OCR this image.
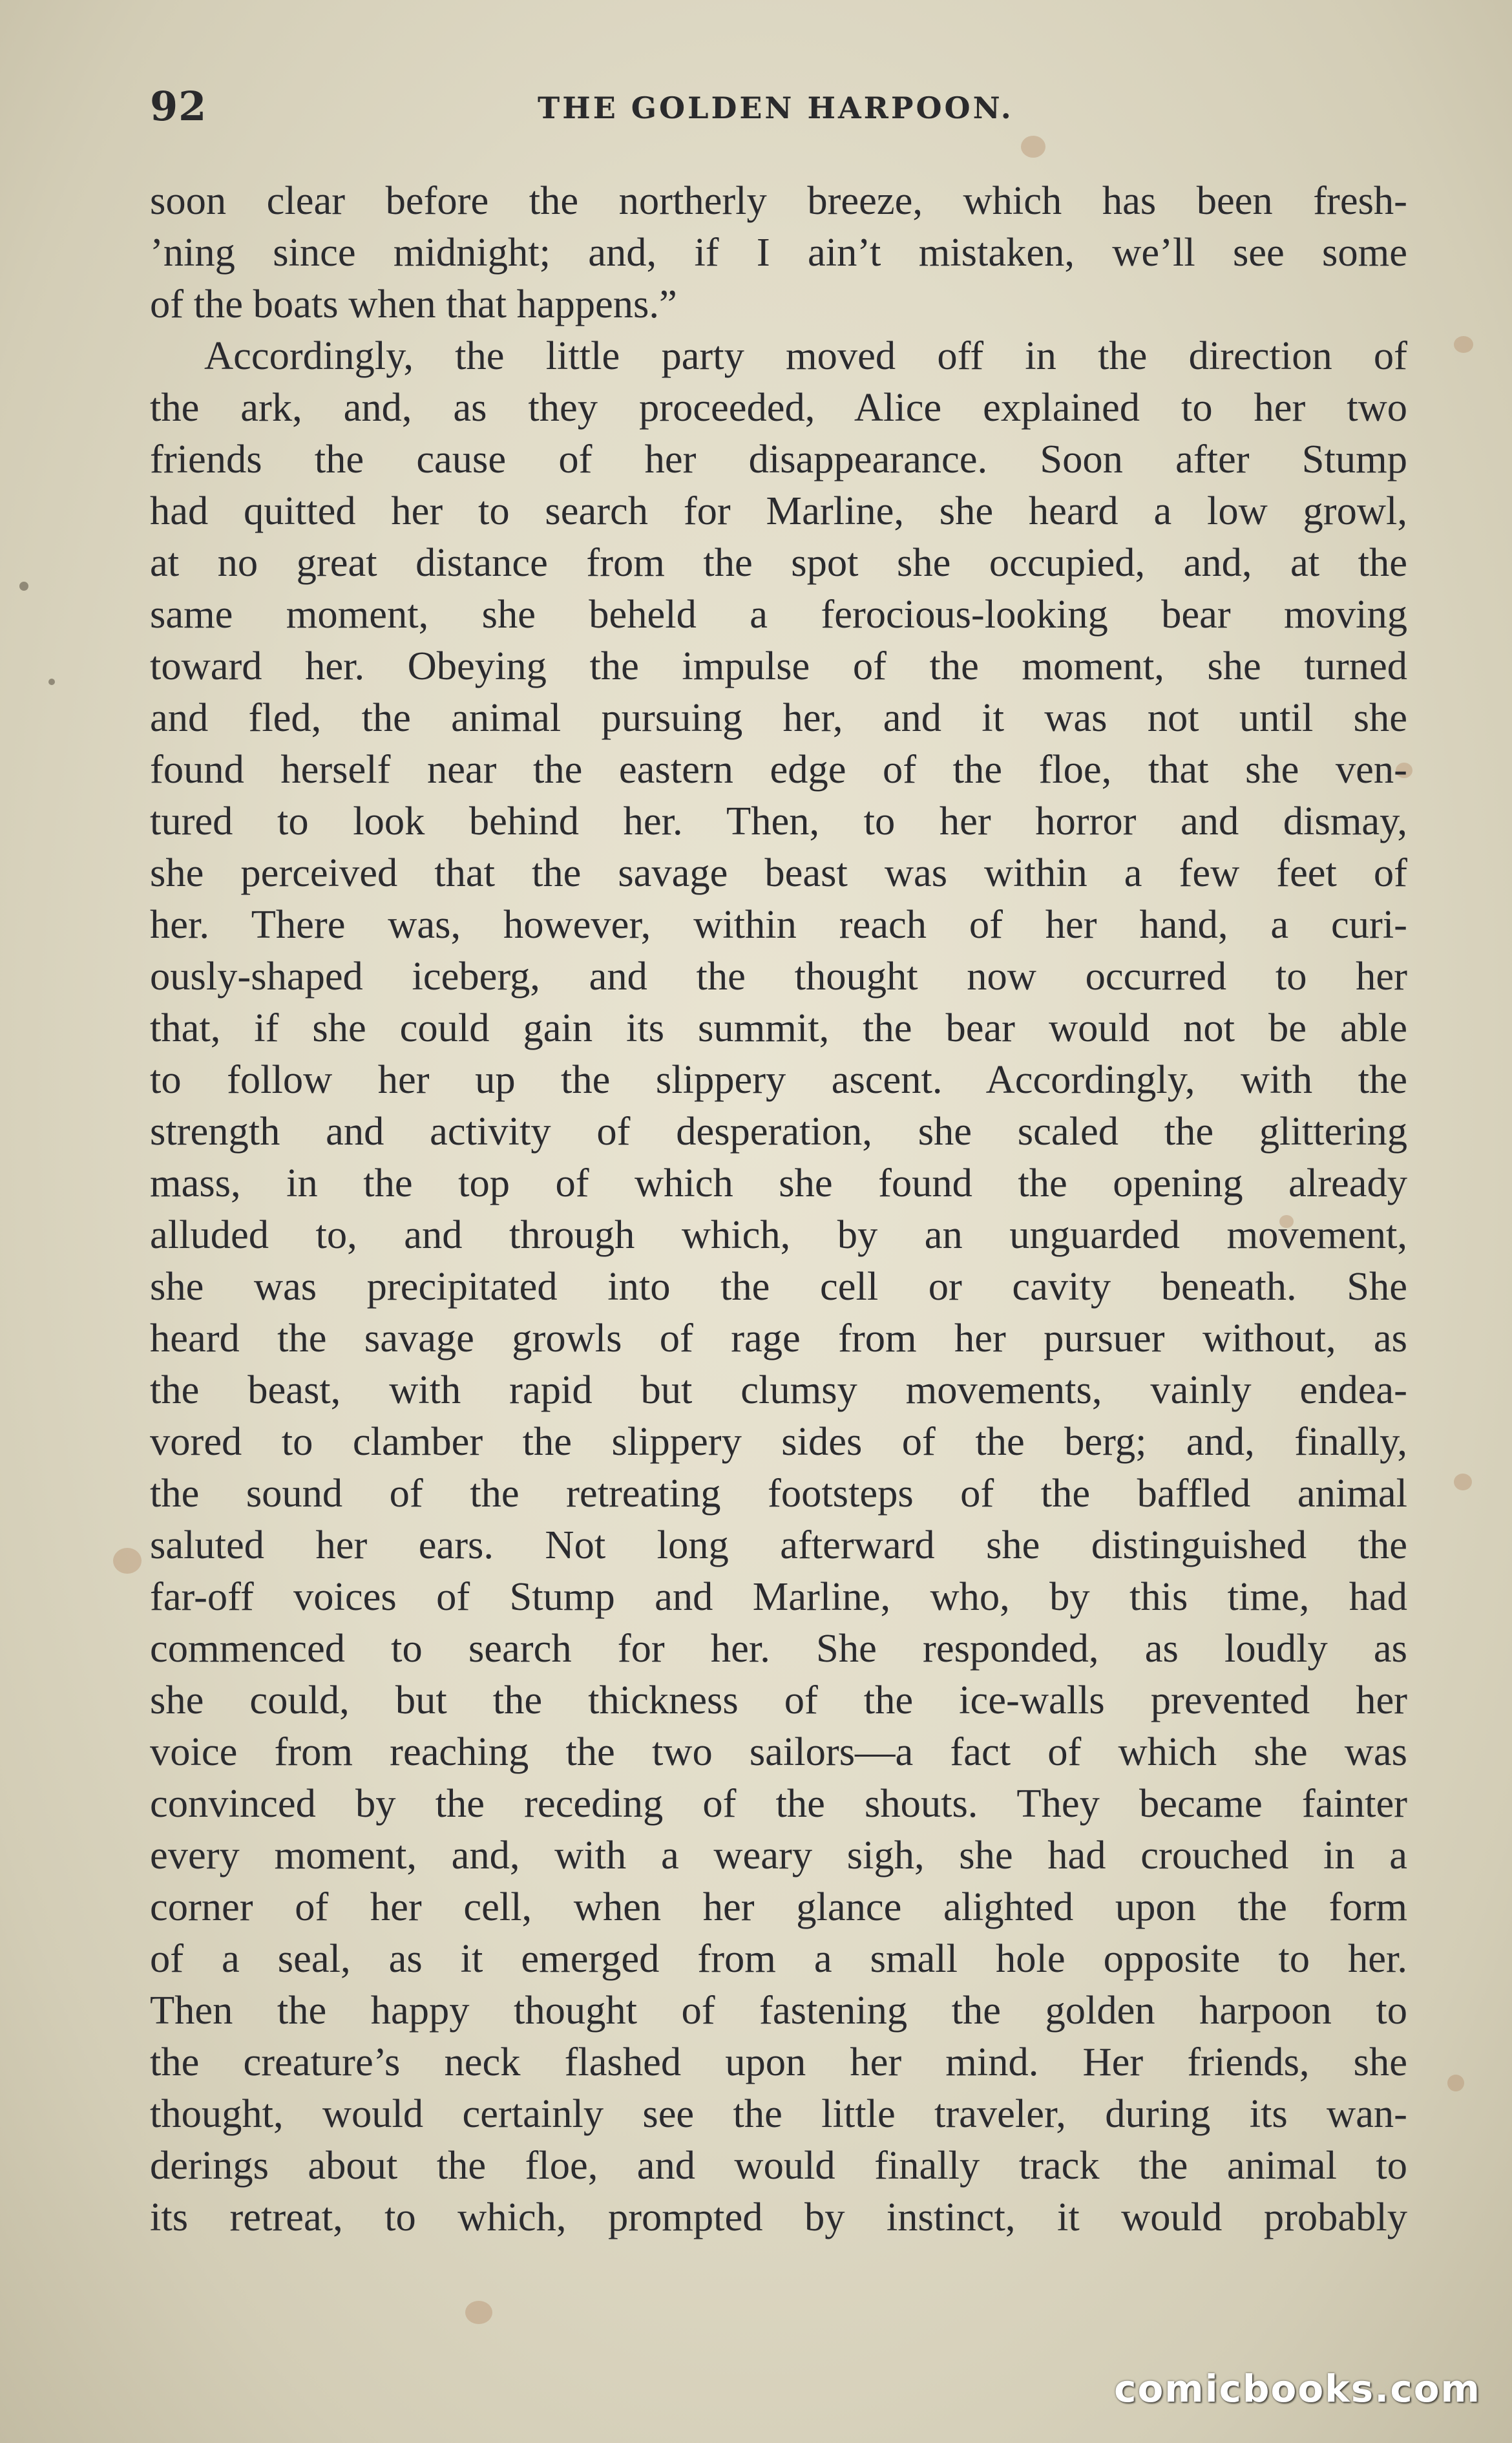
92	THE GOLDEN HARPOON.
soon clear before the northerly breeze, which has been fresh-
’ning since midnight; and, if I ain’t mistaken, we’ll see some
of the boats when that happens.”
Accordingly, the little party moved off in the direction of
the ark, and, as they proceeded, Alice explained to her two
friends the cause of her disappearance. Soon after Stump
had quitted her to search for Marline, she heard a low growl,
at no great distance from the spot she occupied, and, at the
same moment, she beheld a ferocious-looking bear moving
toward her. Obeying the impulse of the moment, she turned
and fled, the animal pursuing her, and it was not until she
found herself near the eastern edge of the floe, that she ven-
tured to look behind her. Then, to her horror and dismay,
she perceived that the savage beast was within a few feet of
her. There was, however, within reach of her hand, a curi-
ously-shaped iceberg, and the thought now occurred to her
that, if she could gain its summit, the bear would not be able
to follow her up the slippery ascent. Accordingly, with the
strength and activity of desperation, she scaled the glittering
mass, in the top of which she found the opening already
alluded to, and through which, by an unguarded movement,
she was precipitated into the cell or cavity beneath. She
heard the savage growls of rage from her pursuer without, as
the beast, with rapid but clumsy movements, vainly endea-
vored to clamber the slippery sides of the berg; and, finally,
the sound of the retreating footsteps of the baffled animal
saluted her ears. Not long afterward she distinguished the
far-off voices of Stump and Marline, who, by this time, had
commenced to search for her. She responded, as loudly as
she could, but the thickness of the ice-walls prevented her
voice from reaching the two sailors—a fact of which she was
convinced by the receding of the shouts. They became fainter
every moment, and, with a weary sigh, she had crouched in a
corner of her cell, when her glance alighted upon the form
of a seal, as it emerged from a small hole opposite to her.
Then the happy thought of fastening the golden harpoon to
the creature’s neck flashed upon her mind. Her friends, she
thought, would certainly see the little traveler, during its wan-
derings about the floe, and would finally track the animal to
its retreat, to which, prompted by instinct, it would probably
comicbooks.com
